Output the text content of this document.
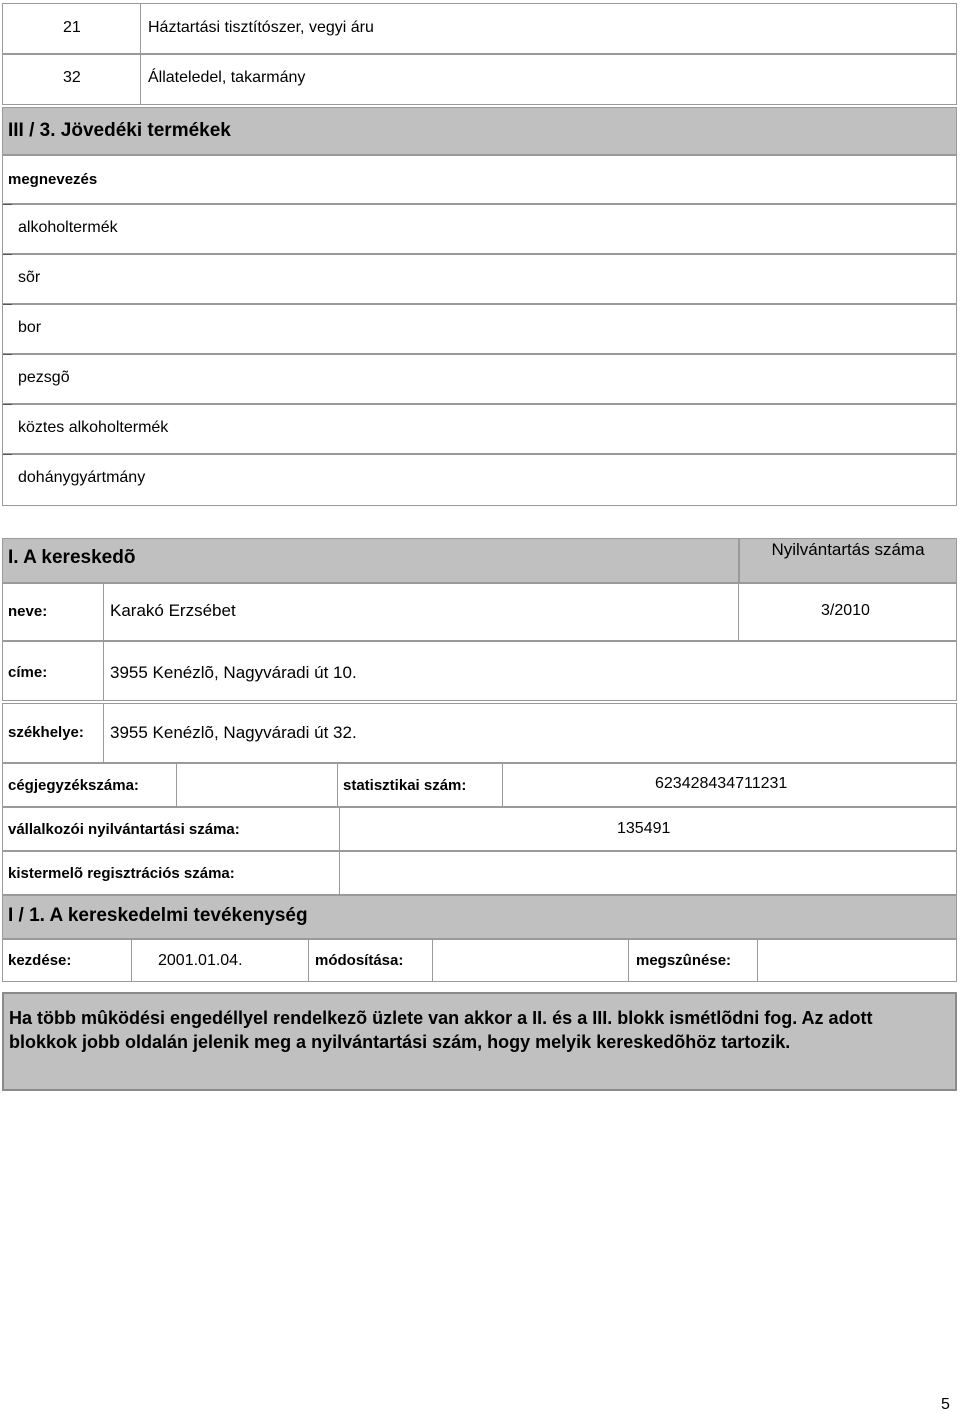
21	Háztartási tisztítószer, vegyi áru
32	Állateledel, takarmány
III / 3. Jövedéki termékek
megnevezés
alkoholtermék
sõr
bor
pezsgõ
köztes alkoholtermék
dohánygyártmány
I. A kereskedõ	Nyilvántartás száma
neve:	Karakó Erzsébet	3/2010
címe:	3955 Kenézlõ, Nagyváradi út 10.
székhelye: 3955 Kenézlõ, Nagyváradi út 32.
cégjegyzékszáma:	statisztikai szám:	623428434711231
vállalkozói nyilvántartási száma:	135491
kistermelõ regisztrációs száma:
I / 1. A kereskedelmi tevékenység
kezdése:	2001.01.04.	módosítása:	megszûnése:
Ha több mûködési engedéllyel rendelkezõ üzlete van akkor a II. és a III. blokk ismétlõdni fog. Az adott blokkok jobb oldalán jelenik meg a nyilvántartási szám, hogy melyik kereskedõhöz tartozik.
5
